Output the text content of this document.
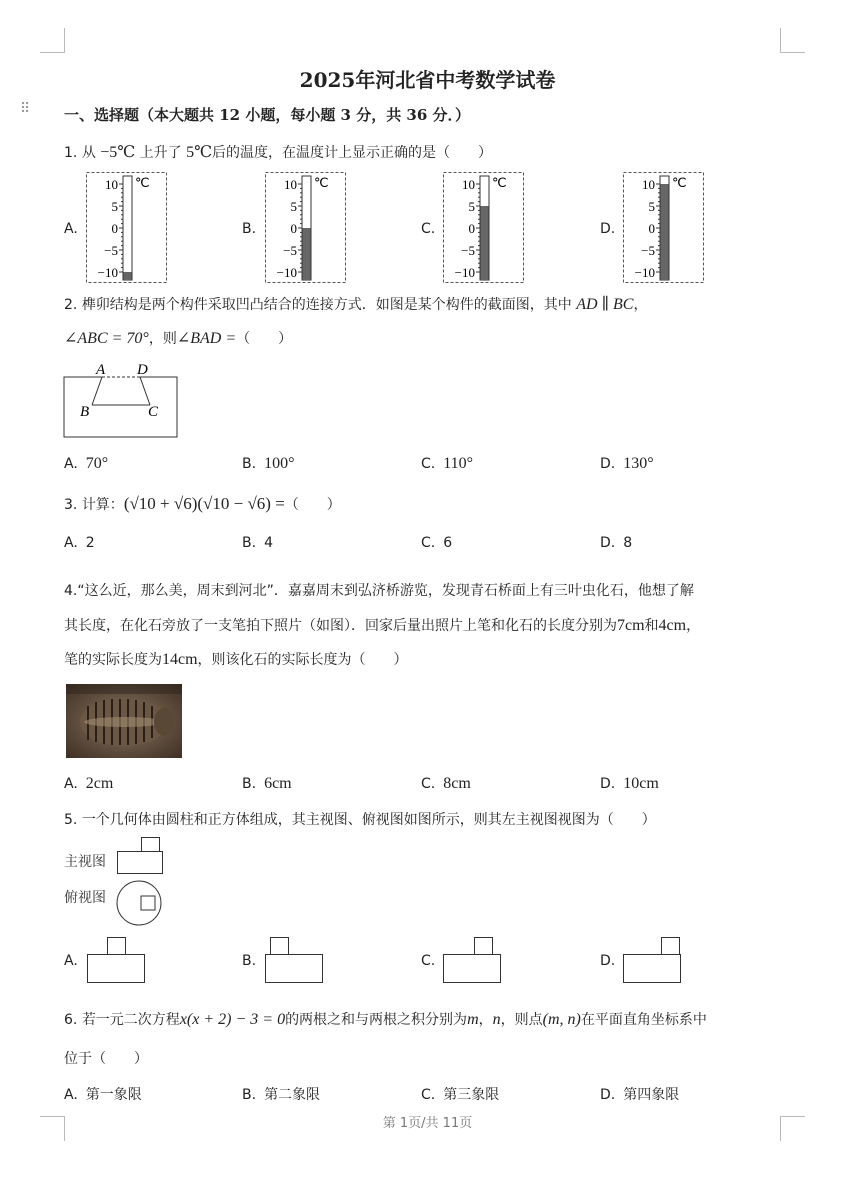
⠿
2025年河北省中考数学试卷
一、选择题（本大题共 12 小题，每小题 3 分，共 36 分．）
1. 从 −5℃ 上升了 5℃后的温度，在温度计上显示正确的是（　　）
A.
10
5
0
−5
−10
℃
B.
10
5
0
−5
−10
℃
C.
10
5
0
−5
−10
℃
D.
10
5
0
−5
−10
℃
2. 榫卯结构是两个构件采取凹凸结合的连接方式．如图是某个构件的截面图，其中 AD ∥ BC，
∠ABC = 70°，则∠BAD =（　　）
A D
B	C
A. 70°	B. 100°	C. 110°	D. 130°
3. 计算：(√10 + √6)(√10 − √6) =（　　）
A. 2	B. 4	C. 6	D. 8
4.“这么近，那么美，周末到河北”．嘉嘉周末到弘济桥游览，发现青石桥面上有三叶虫化石，他想了解
其长度，在化石旁放了一支笔拍下照片（如图）．回家后量出照片上笔和化石的长度分别为7cm和4cm，
笔的实际长度为14cm，则该化石的实际长度为（　　）
A. 2cm	B. 6cm	C. 8cm	D. 10cm
5. 一个几何体由圆柱和正方体组成，其主视图、俯视图如图所示，则其左主视图视图为（　　）
主视图
俯视图
A.	B.	C.	D.
6. 若一元二次方程x(x + 2) − 3 = 0的两根之和与两根之积分别为m，n，则点(m, n)在平面直角坐标系中
位于（　　）
A. 第一象限	B. 第二象限	C. 第三象限	D. 第四象限
第 1页/共 11页
